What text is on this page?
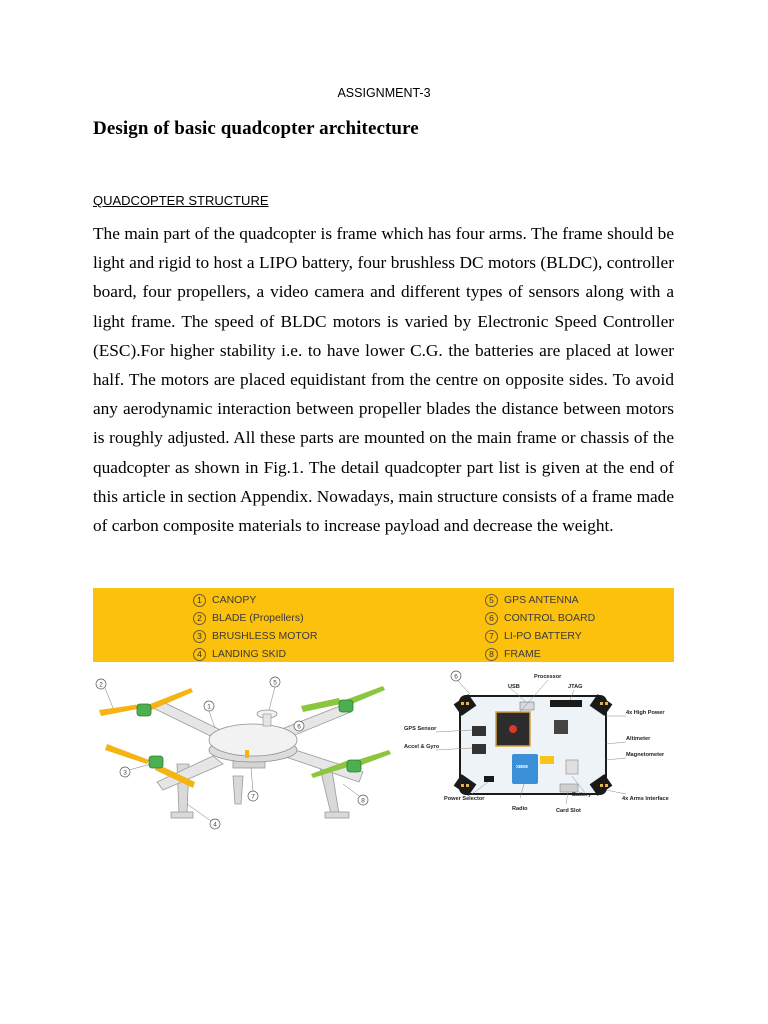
ASSIGNMENT-3
Design of basic quadcopter architecture
QUADCOPTER STRUCTURE

The main part of the quadcopter is frame which has four arms. The frame should be light and rigid to host a LIPO battery, four brushless DC motors (BLDC), controller board, four propellers, a video camera and different types of sensors along with a light frame. The speed of BLDC motors is varied by Electronic Speed Controller (ESC).For higher stability i.e. to have lower C.G. the batteries are placed at lower half. The motors are placed equidistant from the centre on opposite sides. To avoid any aerodynamic interaction between propeller blades the distance between motors is roughly adjusted. All these parts are mounted on the main frame or chassis of the quadcopter as shown in Fig.1. The detail quadcopter part list is given at the end of this article in section Appendix. Nowadays, main structure consists of a frame made of carbon composite materials to increase payload and decrease the weight.

1 CANOPY
2 BLADE (Propellers)
3 BRUSHLESS MOTOR
4 LANDING SKID
5 GPS ANTENNA
6 CONTROL BOARD
7 LI-PO BATTERY
8 FRAME
1
2
3
4
5
6
7
8
6	Processor
USB	JTAG
4x High Power
GPS Sensor
Accel & Gyro
Altimeter
Magnetometer
Battery
4x Arms Interface
Power Selector
Radio	Card Slot
XBEE
